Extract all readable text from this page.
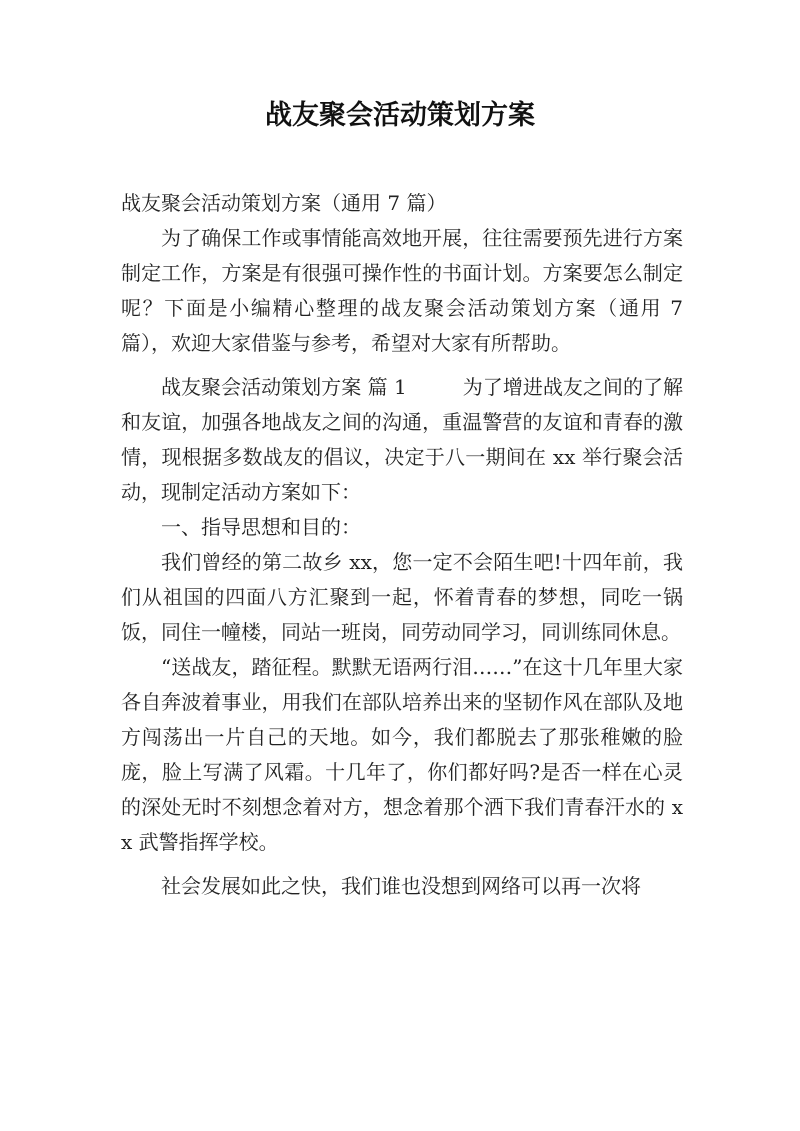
战友聚会活动策划方案

战友聚会活动策划方案（通用 7 篇）

为了确保工作或事情能高效地开展，往往需要预先进行方案制定工作，方案是有很强可操作性的书面计划。方案要怎么制定呢？下面是小编精心整理的战友聚会活动策划方案（通用 7 篇），欢迎大家借鉴与参考，希望对大家有所帮助。

战友聚会活动策划方案 篇 1	为了增进战友之间的了解和友谊，加强各地战友之间的沟通，重温警营的友谊和青春的激情，现根据多数战友的倡议，决定于八一期间在 xx 举行聚会活动，现制定活动方案如下：

一、指导思想和目的：

我们曾经的第二故乡 xx，您一定不会陌生吧!十四年前，我们从祖国的四面八方汇聚到一起，怀着青春的梦想，同吃一锅饭，同住一幢楼，同站一班岗，同劳动同学习，同训练同休息。

“送战友，踏征程。默默无语两行泪……”在这十几年里大家各自奔波着事业，用我们在部队培养出来的坚韧作风在部队及地方闯荡出一片自己的天地。如今，我们都脱去了那张稚嫩的脸庞，脸上写满了风霜。十几年了，你们都好吗?是否一样在心灵的深处无时不刻想念着对方，想念着那个洒下我们青春汗水的 xx 武警指挥学校。

社会发展如此之快，我们谁也没想到网络可以再一次将
